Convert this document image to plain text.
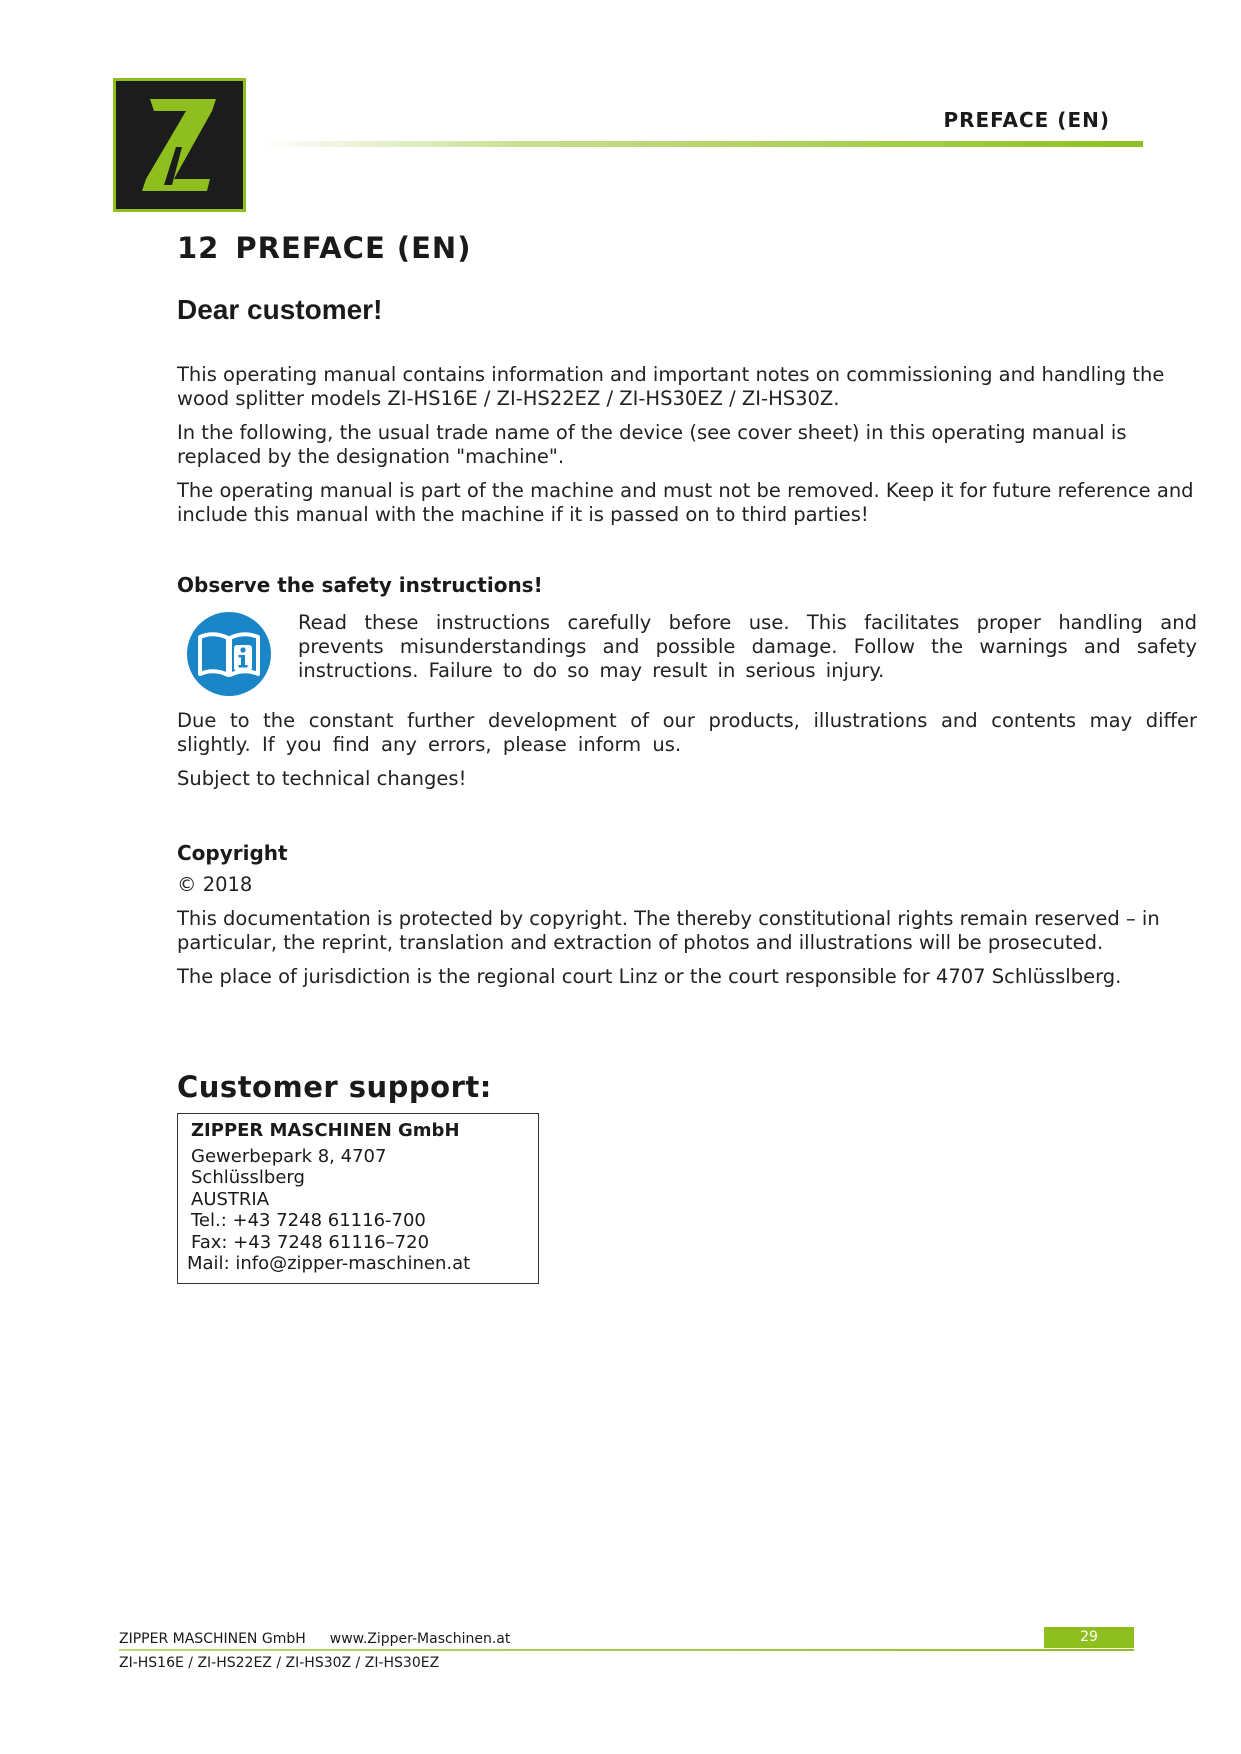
PREFACE (EN)
12 PREFACE (EN)
Dear customer!

This operating manual contains information and important notes on commissioning and handling the wood splitter models ZI-HS16E / ZI-HS22EZ / ZI-HS30EZ / ZI-HS30Z.

In the following, the usual trade name of the device (see cover sheet) in this operating manual is replaced by the designation "machine".

The operating manual is part of the machine and must not be removed. Keep it for future reference and include this manual with the machine if it is passed on to third parties!

Observe the safety instructions!

Read these instructions carefully before use. This facilitates proper handling and prevents misunderstandings and possible damage. Follow the warnings and safety instructions. Failure to do so may result in serious injury.

Due to the constant further development of our products, illustrations and contents may differ slightly. If you find any errors, please inform us.

Subject to technical changes!

Copyright

© 2018

This documentation is protected by copyright. The thereby constitutional rights remain reserved – in particular, the reprint, translation and extraction of photos and illustrations will be prosecuted.

The place of jurisdiction is the regional court Linz or the court responsible for 4707 Schlüsslberg.

Customer support:
ZIPPER MASCHINEN GmbH
Gewerbepark 8, 4707
Schlüsslberg
AUSTRIA
Tel.: +43 7248 61116-700
Fax: +43 7248 61116–720
Mail: info@zipper-maschinen.at
ZIPPER MASCHINEN GmbH www.Zipper-Maschinen.at	29
ZI-HS16E / ZI-HS22EZ / ZI-HS30Z / ZI-HS30EZ
